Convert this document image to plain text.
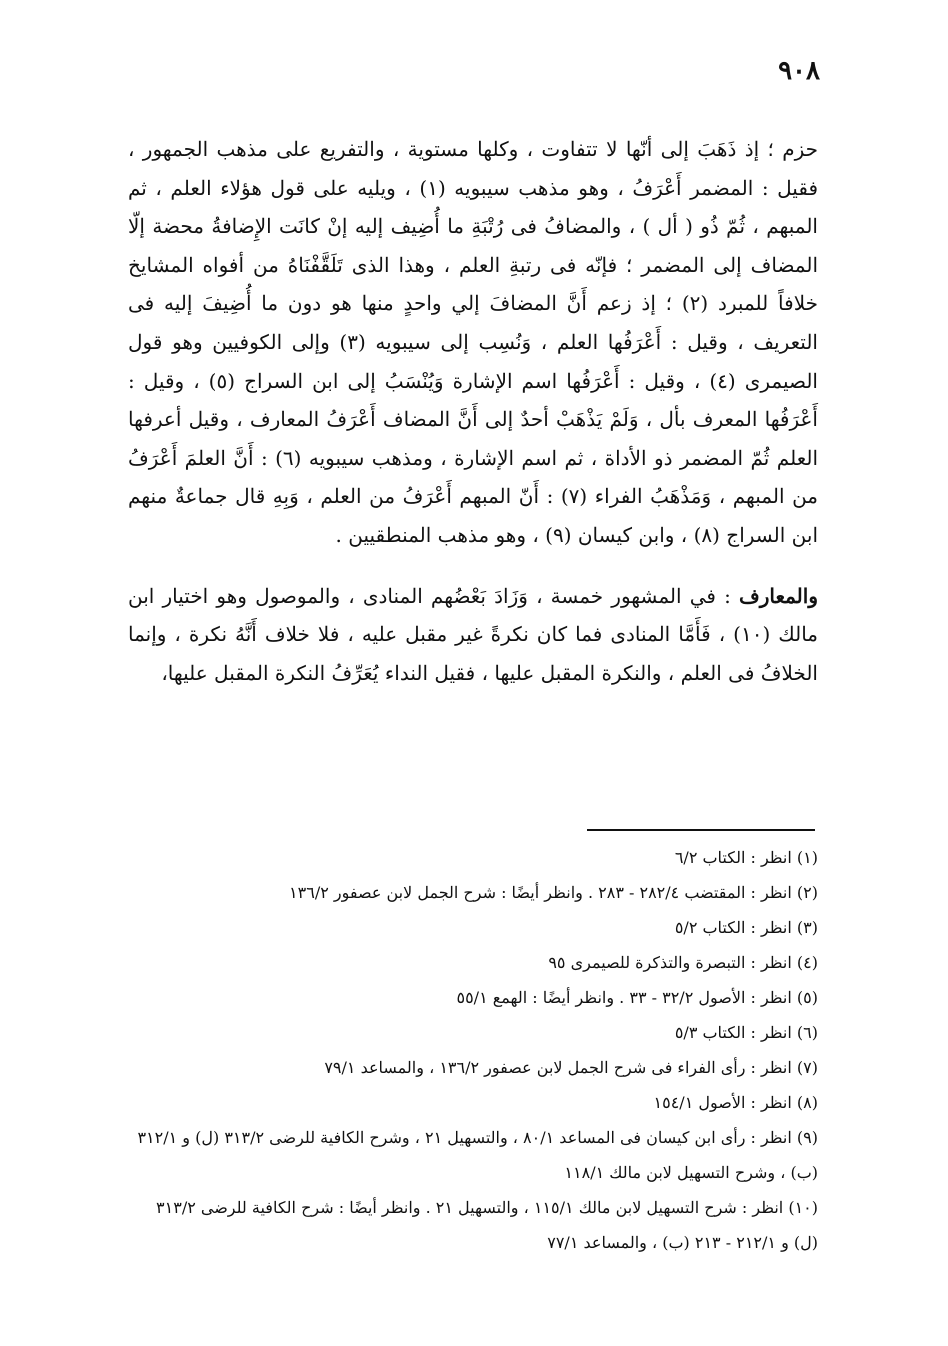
٩٠٨

حزم ؛ إذ ذَهَبَ إلى أنّها لا تتفاوت ، وكلها مستوية ، والتفريع على مذهب الجمهور ، فقيل : المضمر أَعْرَفُ ، وهو مذهب سيبويه (١) ، ويليه على قول هؤلاء العلم ، ثم المبهم ، ثُمّ ذُو ( أل ) ، والمضافُ فى رُتْبَةِ ما أُضِيف إليه إنْ كانَت الإِضافةُ محضة إلّا المضاف إلى المضمر ؛ فإنّه فى رتبةِ العلم ، وهذا الذى تَلَقَّفْنَاهُ من أفواه المشايخ خلافاً للمبرد (٢) ؛ إذ زعم أَنَّ المضافَ إلي واحدٍ منها هو دون ما أُضِيفَ إليه فى التعريف ، وقيل : أَعْرَفُها العلم ، وَنُسِب إلى سيبويه (٣) وإلى الكوفيين وهو قول الصيمرى (٤) ، وقيل : أَعْرَفُها اسم الإشارة وَيُنْسَبُ إلى ابن السراج (٥) ، وقيل : أَعْرَفُها المعرف بأل ، وَلَمْ يَذْهَبْ أحدٌ إلى أَنَّ المضاف أَعْرَفُ المعارف ، وقيل أعرفها العلم ثُمّ المضمر ذو الأداة ، ثم اسم الإشارة ، ومذهب سيبويه (٦) : أَنَّ العلمَ أَعْرَفُ من المبهم ، وَمَذْهَبُ الفراء (٧) : أَنّ المبهم أَعْرَفُ من العلم ، وَبِهِ قال جماعةٌ منهم ابن السراج (٨) ، وابن كيسان (٩) ، وهو مذهب المنطقيين .

والمعارف : في المشهور خمسة ، وَزَادَ بَعْضُهم المنادى ، والموصول وهو اختيار ابن مالك (١٠) ، فَأَمَّا المنادى فما كان نكرةً غير مقبل عليه ، فلا خلاف أَنَّهُ نكرة ، وإنما الخلافُ فى العلم ، والنكرة المقبل عليها ، فقيل النداء يُعَرِّفُ النكرة المقبل عليها،

(١) انظر : الكتاب ٦/٢
(٢) انظر : المقتضب ٢٨٢/٤ - ٢٨٣ . وانظر أيضًا : شرح الجمل لابن عصفور ١٣٦/٢
(٣) انظر : الكتاب ٥/٢
(٤) انظر : التبصرة والتذكرة للصيمرى ٩٥
(٥) انظر : الأصول ٣٢/٢ - ٣٣ . وانظر أيضًا : الهمع ٥٥/١
(٦) انظر : الكتاب ٥/٣
(٧) انظر : رأى الفراء فى شرح الجمل لابن عصفور ١٣٦/٢ ، والمساعد ٧٩/١
(٨) انظر : الأصول ١٥٤/١
(٩) انظر : رأى ابن كيسان فى المساعد ٨٠/١ ، والتسهيل ٢١ ، وشرح الكافية للرضى ٣١٣/٢ (ل) و ٣١٢/١ (ب) ، وشرح التسهيل لابن مالك ١١٨/١
(١٠) انظر : شرح التسهيل لابن مالك ١١٥/١ ، والتسهيل ٢١ . وانظر أيضًا : شرح الكافية للرضى ٣١٣/٢ (ل) و ٢١٢/١ - ٢١٣ (ب) ، والمساعد ٧٧/١
